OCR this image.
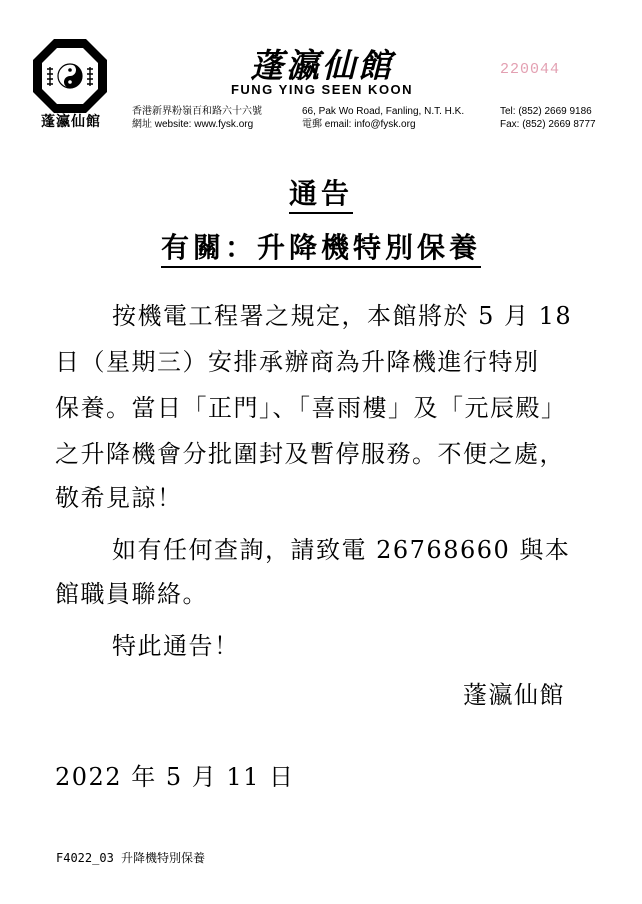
蓬瀛仙館
蓬瀛仙館
FUNG YING SEEN KOON
220044
香港新界粉嶺百和路六十六號
網址 website: www.fysk.org
66, Pak Wo Road, Fanling, N.T. H.K.
電郵 email: info@fysk.org
Tel: (852) 2669 9186
Fax: (852) 2669 8777
通告
有關：升降機特別保養
按機電工程署之規定，本館將於 5 月 18
日（星期三）安排承辦商為升降機進行特別
保養。當日「正門」、「喜雨樓」及「元辰殿」
之升降機會分批圍封及暫停服務。不便之處，
敬希見諒！
如有任何查詢，請致電 26768660 與本
館職員聯絡。
特此通告！
蓬瀛仙館
2022 年 5 月 11 日
F4022_03 升降機特別保養
